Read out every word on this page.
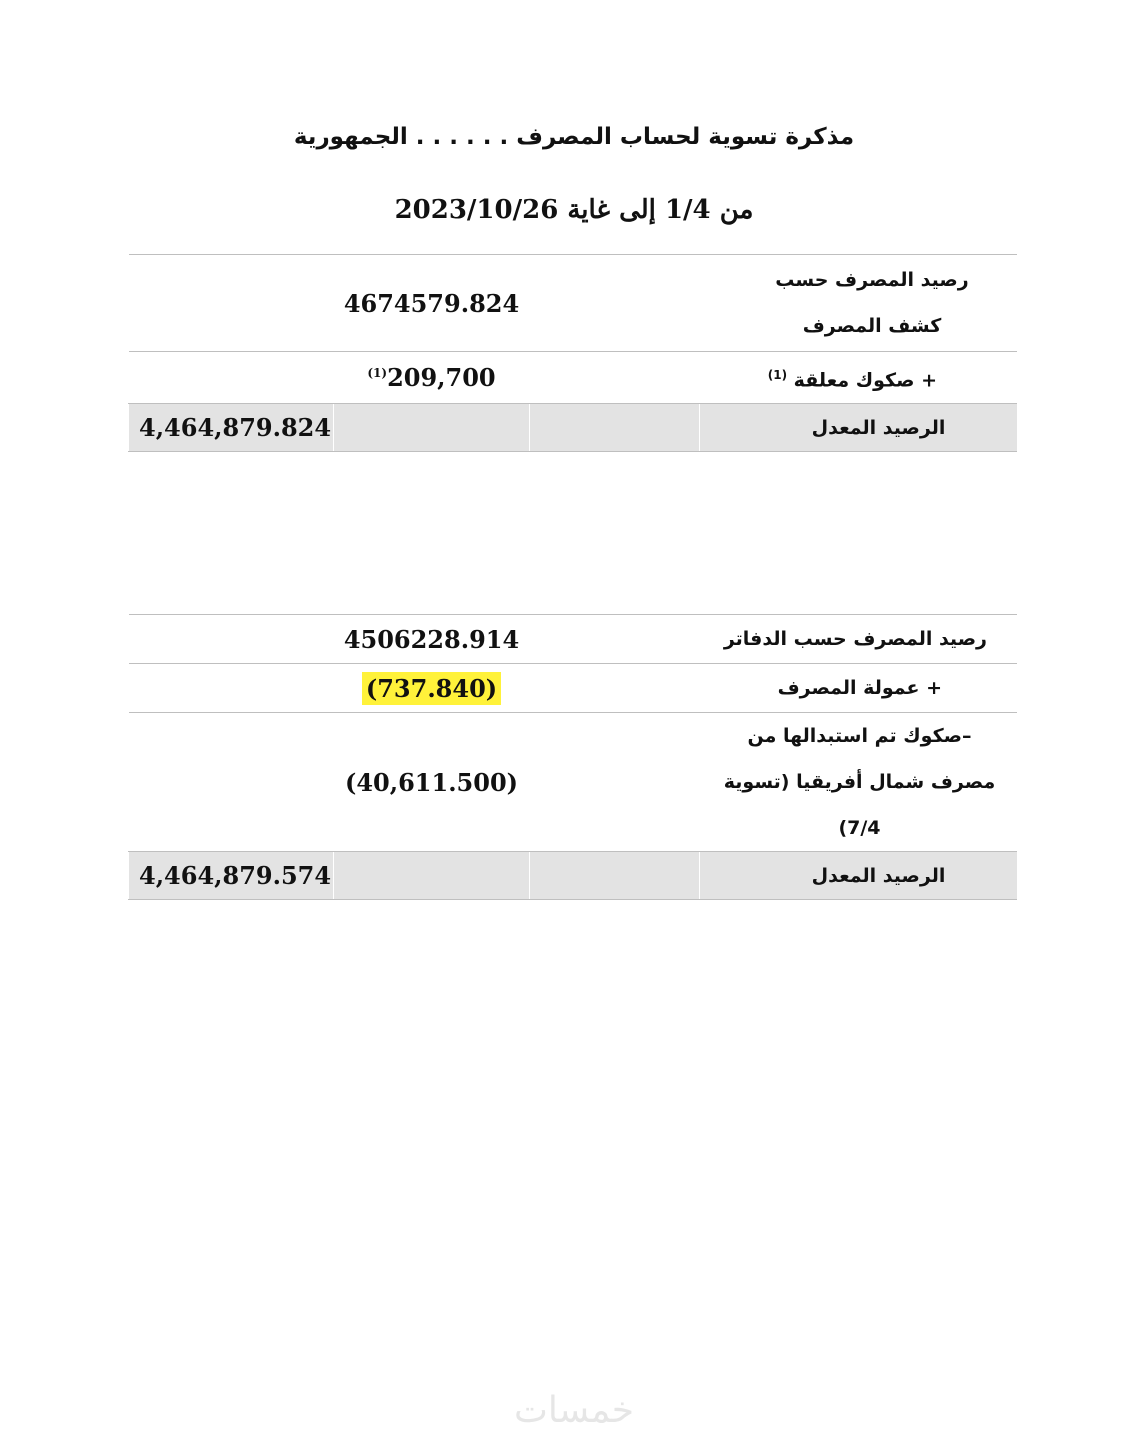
مذكرة تسوية لحساب المصرف . . . . . . الجمهورية
من 1/4 إلى غاية 2023/10/26
	4674579.824		رصيد المصرف حسب كشف المصرف

	$^{(1)}$209,700		+ صكوك معلقة $^{(1)}$
4,464,879.824			الرصيد المعدل
	4506228.914		رصيد المصرف حسب الدفاتر
	(737.840)		+ عمولة المصرف
	(40,611.500)		–صكوك تم استبدالها من مصرف شمال أفريقيا (تسوية 7/4)

4,464,879.574			الرصيد المعدل
خمسات
